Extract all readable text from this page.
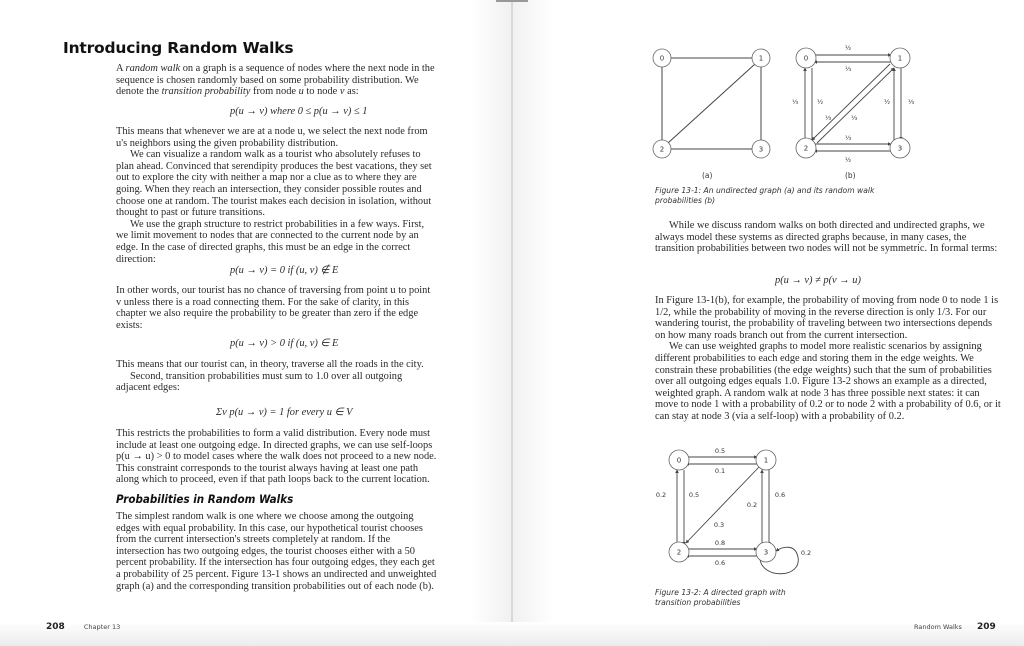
Introducing Random Walks

A random walk on a graph is a sequence of nodes where the next node in the sequence is chosen randomly based on some probability distribution. We denote the transition probability from node u to node v as:

p(u → v) where 0 ≤ p(u → v) ≤ 1

This means that whenever we are at a node u, we select the next node from u's neighbors using the given probability distribution.

We can visualize a random walk as a tourist who absolutely refuses to plan ahead. Convinced that serendipity produces the best vacations, they set out to explore the city with neither a map nor a clue as to where they are going. When they reach an intersection, they consider possible routes and choose one at random. The tourist makes each decision in isolation, without thought to past or future transitions.

We use the graph structure to restrict probabilities in a few ways. First, we limit movement to nodes that are connected to the current node by an edge. In the case of directed graphs, this must be an edge in the correct direction:

p(u → v) = 0 if (u, v) ∉ E

In other words, our tourist has no chance of traversing from point u to point v unless there is a road connecting them. For the sake of clarity, in this chapter we also require the probability to be greater than zero if the edge exists:

p(u → v) > 0 if (u, v) ∈ E

This means that our tourist can, in theory, traverse all the roads in the city.

Second, transition probabilities must sum to 1.0 over all outgoing adjacent edges:

Σv p(u → v) = 1 for every u ∈ V

This restricts the probabilities to form a valid distribution. Every node must include at least one outgoing edge. In directed graphs, we can use self-loops p(u → u) > 0 to model cases where the walk does not proceed to a new node. This constraint corresponds to the tourist always having at least one path along which to proceed, even if that path loops back to the current location.

Probabilities in Random Walks

The simplest random walk is one where we choose among the outgoing edges with equal probability. In this case, our hypothetical tourist chooses from the current intersection's streets completely at random. If the intersection has two outgoing edges, the tourist chooses either with a 50 percent probability. If the intersection has four outgoing edges, they each get a probability of 25 percent. Figure 13-1 shows an undirected and unweighted graph (a) and the corresponding transition probabilities out of each node (b).

208	Chapter 13
0	1
2	3
(a)
0	1
2	3
½
⅓
⅓	½
⅓	⅓
½	⅓
⅓
½
(b)
Figure 13-1: An undirected graph (a) and its random walk probabilities (b)

While we discuss random walks on both directed and undirected graphs, we always model these systems as directed graphs because, in many cases, the transition probabilities between two nodes will not be symmetric. In formal terms:

p(u → v) ≠ p(v → u)

In Figure 13-1(b), for example, the probability of moving from node 0 to node 1 is 1/2, while the probability of moving in the reverse direction is only 1/3. For our wandering tourist, the probability of traveling between two intersections depends on how many roads branch out from the current intersection.

We can use weighted graphs to model more realistic scenarios by assigning different probabilities to each edge and storing them in the edge weights. We constrain these probabilities (the edge weights) such that the sum of probabilities over all outgoing edges equals 1.0. Figure 13-2 shows an example as a directed, weighted graph. A random walk at node 3 has three possible next states: it can move to node 1 with a probability of 0.2 or to node 2 with a probability of 0.6, or it can stay at node 3 (via a self-loop) with a probability of 0.2.

0	1
2	3
0.5
0.1
0.2	0.5
0.2
0.6
0.3
0.8
0.6
0.2
Figure 13-2: A directed graph with transition probabilities
Random Walks 209
